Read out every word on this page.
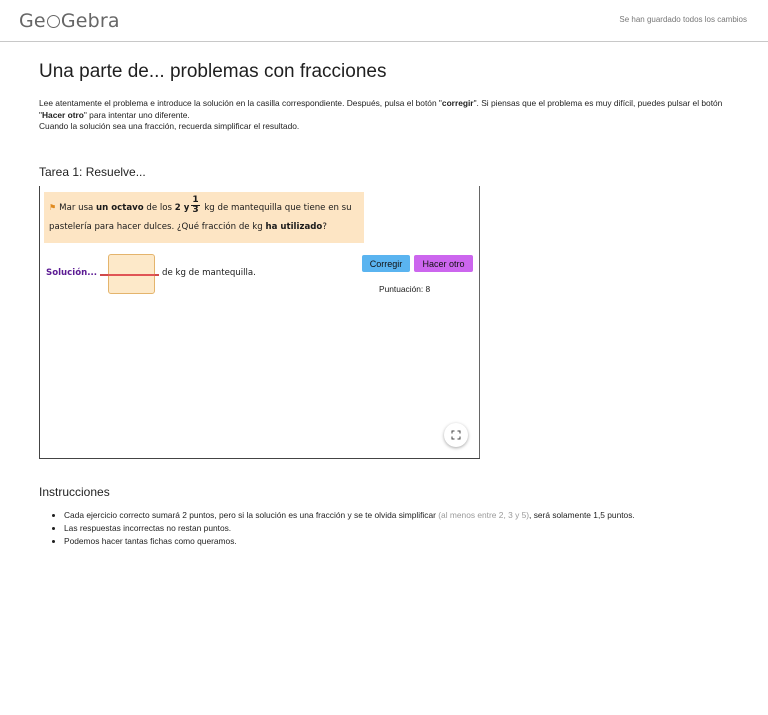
Ge Gebra	Se han guardado todos los cambios
Una parte de... problemas con fracciones
Lee atentamente el problema e introduce la solución en la casilla correspondiente. Después, pulsa el botón "corregir". Si piensas que el problema es muy difícil, puedes pulsar el botón "Hacer otro" para intentar uno diferente.
Cuando la solución sea una fracción, recuerda simplificar el resultado.
Tarea 1: Resuelve...
⚑ Mar usa un octavo de los 2 y $\frac{1}{3}$ kg de mantequilla que tiene en su pastelería para hacer dulces. ¿Qué fracción de kg ha utilizado?
Solución...	de kg de mantequilla.
Corregir	Hacer otro
Puntuación: 8
Instrucciones
• Cada ejercicio correcto sumará 2 puntos, pero si la solución es una fracción y se te olvida simplificar (al menos entre 2, 3 y 5), será solamente 1,5 puntos.
• Las respuestas incorrectas no restan puntos.
• Podemos hacer tantas fichas como queramos.
